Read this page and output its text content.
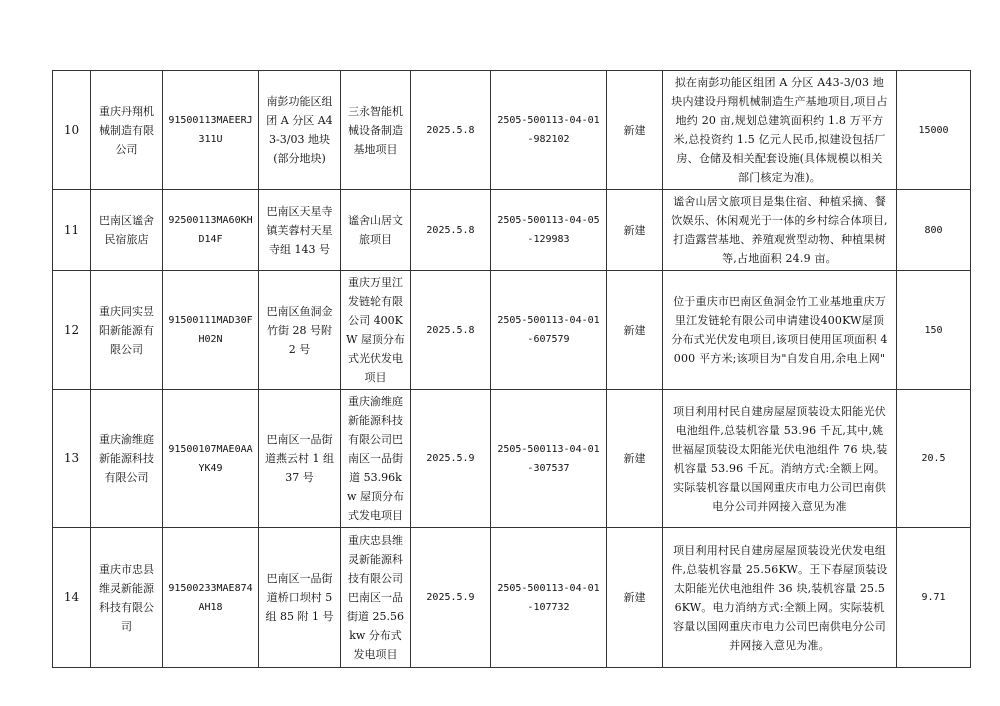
10	重庆丹翔机械制造有限公司	91500113MAEERJ311U	南彭功能区组团 A 分区 A43-3/03 地块(部分地块)	三永智能机械设备制造基地项目	2025.5.8	2505-500113-04-01-982102	新建	拟在南彭功能区组团 A 分区 A43-3/03 地块内建设丹翔机械制造生产基地项目,项目占地约 20 亩,规划总建筑面积约 1.8 万平方米,总投资约 1.5 亿元人民币,拟建设包括厂房、仓储及相关配套设施(具体规模以相关部门核定为准)。	15000
11	巴南区谧舍民宿旅店	92500113MA60KHD14F	巴南区天星寺镇芙蓉村天星寺组 143 号	谧舍山居文旅项目	2025.5.8	2505-500113-04-05-129983	新建	谧舍山居文旅项目是集住宿、种植采摘、餐饮娱乐、休闲观光于一体的乡村综合体项目,打造露营基地、养殖观赏型动物、种植果树等,占地面积 24.9 亩。	800
12	重庆同实昱阳新能源有限公司	91500111MAD30FH02N	巴南区鱼洞金竹街 28 号附 2 号	重庆万里江发链轮有限公司 400KW 屋顶分布式光伏发电项目	2025.5.8	2505-500113-04-01-607579	新建	位于重庆市巴南区鱼洞金竹工业基地重庆万里江发链轮有限公司申请建设400KW屋顶分布式光伏发电项目,该项目使用匡项面积 4000 平方米;该项目为"自发自用,余电上网"	150
13	重庆渝维庭新能源科技有限公司	91500107MAE0AAYK49	巴南区一品街道燕云村 1 组 37 号	重庆渝维庭新能源科技有限公司巴南区一品街道 53.96kw 屋顶分布式发电项目	2025.5.9	2505-500113-04-01-307537	新建	项目利用村民自建房屋屋顶装设太阳能光伏电池组件,总装机容量 53.96 千瓦,其中,姚世福屋顶装设太阳能光伏电池组件 76 块,装机容量 53.96 千瓦。消纳方式:全额上网。实际装机容量以国网重庆市电力公司巴南供电分公司并网接入意见为准	20.5
14	重庆市忠县维灵新能源科技有限公司	91500233MAE874AH18	巴南区一品街道桥口坝村 5 组 85 附 1 号	重庆忠县维灵新能源科技有限公司巴南区一品街道 25.56kw 分布式发电项目	2025.5.9	2505-500113-04-01-107732	新建	项目利用村民自建房屋屋顶装设光伏发电组件,总装机容量 25.56KW。王下春屋顶装设太阳能光伏电池组件 36 块,装机容量 25.56KW。电力消纳方式:全额上网。实际装机容量以国网重庆市电力公司巴南供电分公司并网接入意见为准。	9.71
